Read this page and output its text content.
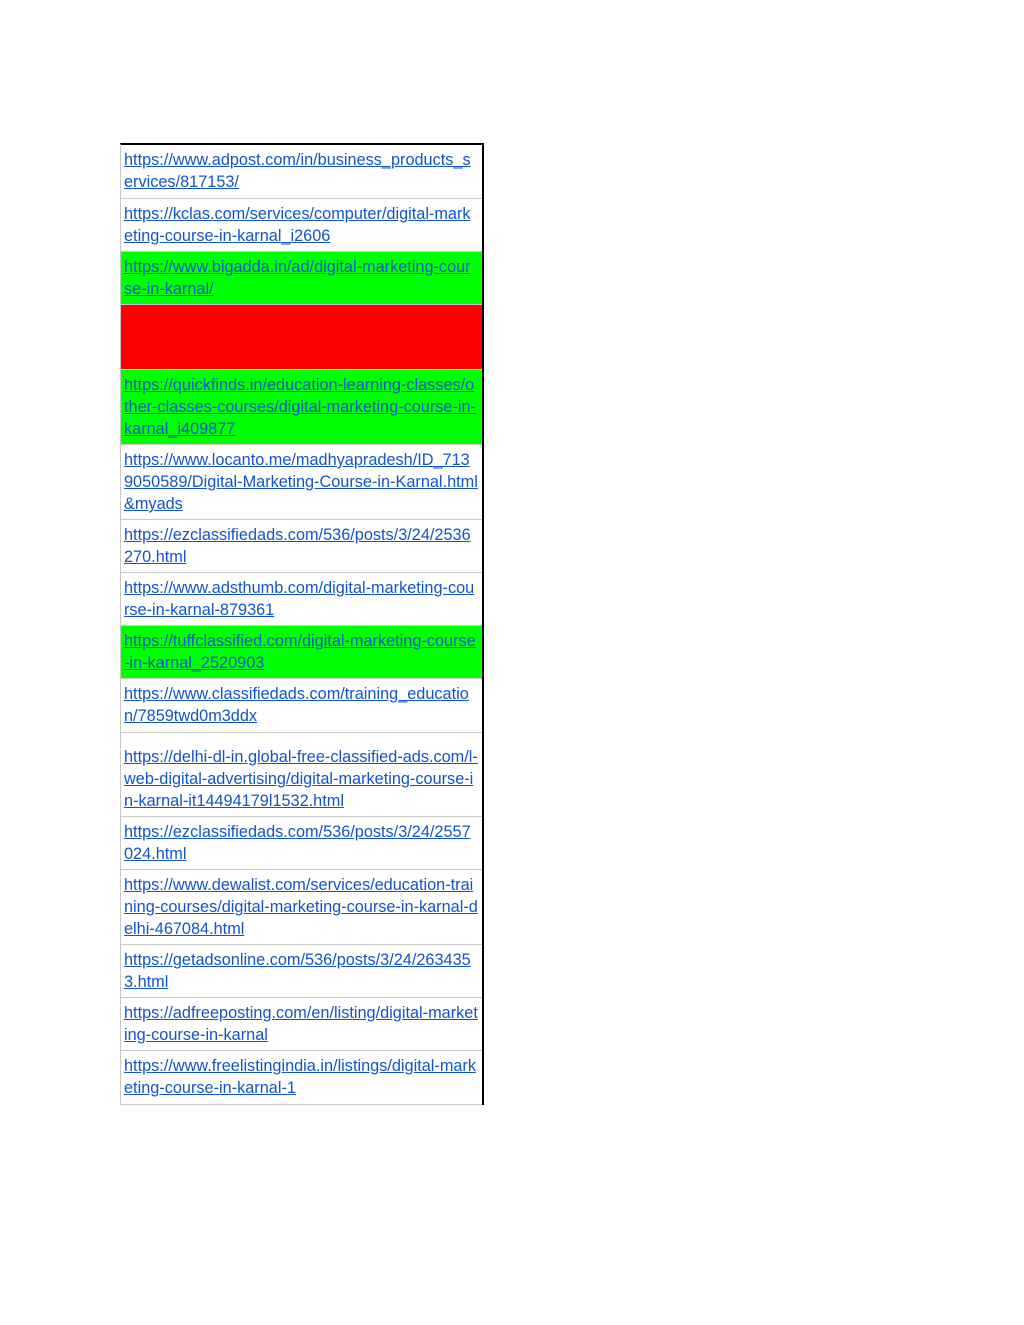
https://www.adpost.com/in/business_products_services/817153/
https://kclas.com/services/computer/digital-marketing-course-in-karnal_i2606
https://www.bigadda.in/ad/digital-marketing-course-in-karnal/
https://quickfinds.in/education-learning-classes/other-classes-courses/digital-marketing-course-in-karnal_i409877
https://www.locanto.me/madhyapradesh/ID_7139050589/Digital-Marketing-Course-in-Karnal.html&myads
https://ezclassifiedads.com/536/posts/3/24/2536270.html
https://www.adsthumb.com/digital-marketing-course-in-karnal-879361
https://tuffclassified.com/digital-marketing-course-in-karnal_2520903
https://www.classifiedads.com/training_education/7859twd0m3ddx
https://delhi-dl-in.global-free-classified-ads.com/l-web-digital-advertising/digital-marketing-course-in-karnal-it14494179l1532.html
https://ezclassifiedads.com/536/posts/3/24/2557024.html
https://www.dewalist.com/services/education-training-courses/digital-marketing-course-in-karnal-delhi-467084.html
https://getadsonline.com/536/posts/3/24/2634353.html
https://adfreeposting.com/en/listing/digital-marketing-course-in-karnal
https://www.freelistingindia.in/listings/digital-marketing-course-in-karnal-1
